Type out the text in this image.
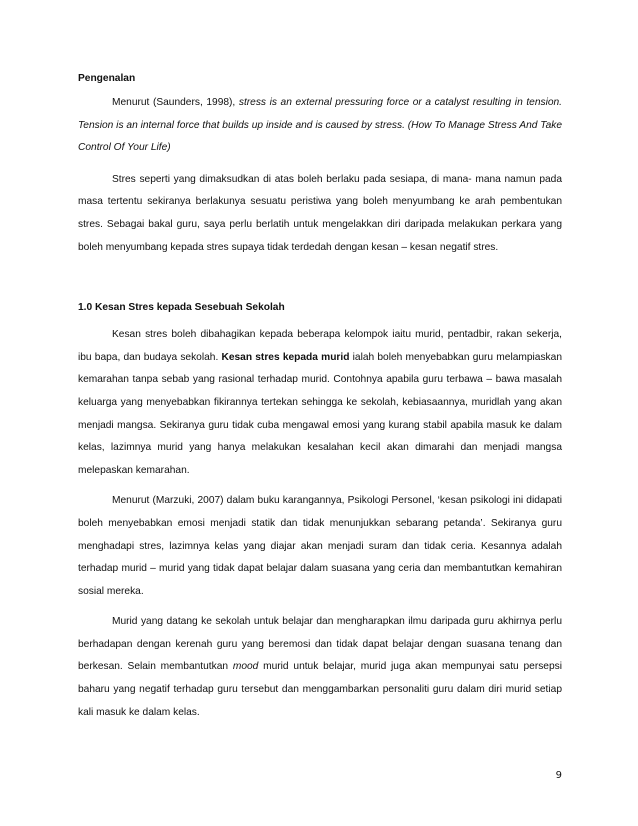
Pengenalan

Menurut (Saunders, 1998), stress is an external pressuring force or a catalyst resulting in tension. Tension is an internal force that builds up inside and is caused by stress. (How To Manage Stress And Take Control Of Your Life)

Stres seperti yang dimaksudkan di atas boleh berlaku pada sesiapa, di mana- mana namun pada masa tertentu sekiranya berlakunya sesuatu peristiwa yang boleh menyumbang ke arah pembentukan stres. Sebagai bakal guru, saya perlu berlatih untuk mengelakkan diri daripada melakukan perkara yang boleh menyumbang kepada stres supaya tidak terdedah dengan kesan – kesan negatif stres.

1.0 Kesan Stres kepada Sesebuah Sekolah

Kesan stres boleh dibahagikan kepada beberapa kelompok iaitu murid, pentadbir, rakan sekerja, ibu bapa, dan budaya sekolah. Kesan stres kepada murid ialah boleh menyebabkan guru melampiaskan kemarahan tanpa sebab yang rasional terhadap murid. Contohnya apabila guru terbawa – bawa masalah keluarga yang menyebabkan fikirannya tertekan sehingga ke sekolah, kebiasaannya, muridlah yang akan menjadi mangsa. Sekiranya guru tidak cuba mengawal emosi yang kurang stabil apabila masuk ke dalam kelas, lazimnya murid yang hanya melakukan kesalahan kecil akan dimarahi dan menjadi mangsa melepaskan kemarahan.

Menurut (Marzuki, 2007) dalam buku karangannya, Psikologi Personel, ‘kesan psikologi ini didapati boleh menyebabkan emosi menjadi statik dan tidak menunjukkan sebarang petanda’. Sekiranya guru menghadapi stres, lazimnya kelas yang diajar akan menjadi suram dan tidak ceria. Kesannya adalah terhadap murid – murid yang tidak dapat belajar dalam suasana yang ceria dan membantutkan kemahiran sosial mereka.

Murid yang datang ke sekolah untuk belajar dan mengharapkan ilmu daripada guru akhirnya perlu berhadapan dengan kerenah guru yang beremosi dan tidak dapat belajar dengan suasana tenang dan berkesan. Selain membantutkan mood murid untuk belajar, murid juga akan mempunyai satu persepsi baharu yang negatif terhadap guru tersebut dan menggambarkan personaliti guru dalam diri murid setiap kali masuk ke dalam kelas.

9
